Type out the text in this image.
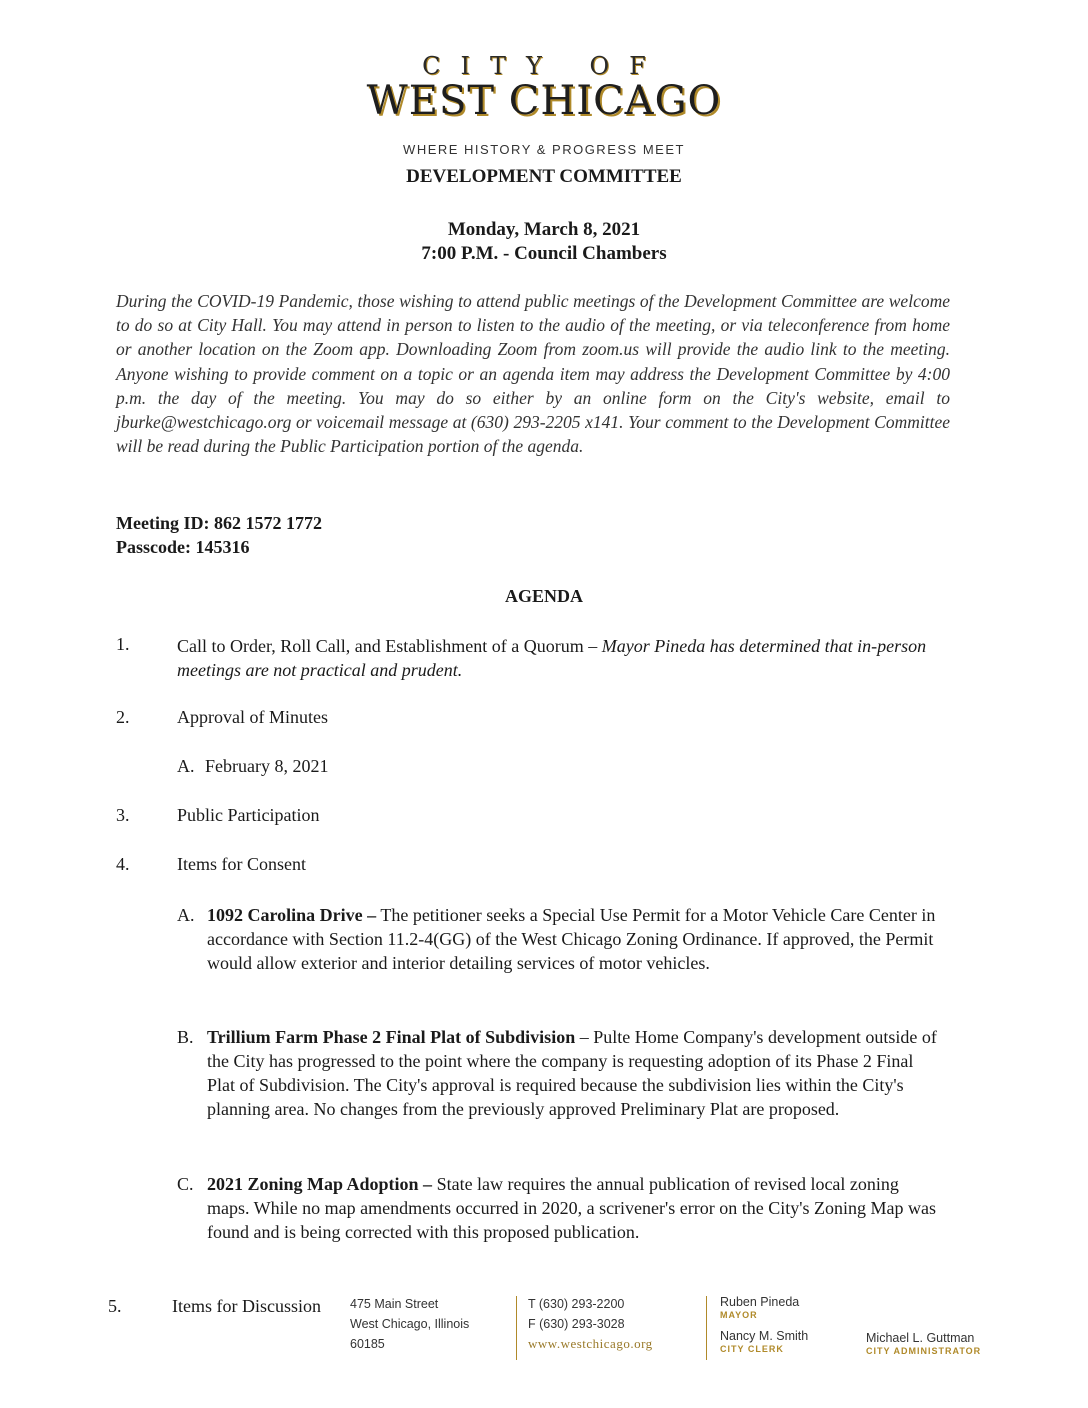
CITY OF
WEST CHICAGO
WHERE HISTORY & PROGRESS MEET
DEVELOPMENT COMMITTEE
Monday, March 8, 2021
7:00 P.M. - Council Chambers
During the COVID-19 Pandemic, those wishing to attend public meetings of the Development Committee are welcome to do so at City Hall. You may attend in person to listen to the audio of the meeting, or via teleconference from home or another location on the Zoom app. Downloading Zoom from zoom.us will provide the audio link to the meeting. Anyone wishing to provide comment on a topic or an agenda item may address the Development Committee by 4:00 p.m. the day of the meeting. You may do so either by an online form on the City's website, email to jburke@westchicago.org or voicemail message at (630) 293-2205 x141. Your comment to the Development Committee will be read during the Public Participation portion of the agenda.
Meeting ID: 862 1572 1772
Passcode: 145316
AGENDA
1.	Call to Order, Roll Call, and Establishment of a Quorum – Mayor Pineda has determined that in-person meetings are not practical and prudent.
2.	Approval of Minutes
A. February 8, 2021
3.	Public Participation
4.	Items for Consent
A. 1092 Carolina Drive – The petitioner seeks a Special Use Permit for a Motor Vehicle Care Center in accordance with Section 11.2-4(GG) of the West Chicago Zoning Ordinance. If approved, the Permit would allow exterior and interior detailing services of motor vehicles.
B. Trillium Farm Phase 2 Final Plat of Subdivision – Pulte Home Company's development outside of the City has progressed to the point where the company is requesting adoption of its Phase 2 Final Plat of Subdivision. The City's approval is required because the subdivision lies within the City's planning area. No changes from the previously approved Preliminary Plat are proposed.
C. 2021 Zoning Map Adoption – State law requires the annual publication of revised local zoning maps. While no map amendments occurred in 2020, a scrivener's error on the City's Zoning Map was found and is being corrected with this proposed publication.
5.	Items for Discussion 475 Main Street
West Chicago, Illinois
60185
T (630) 293-2200
F (630) 293-3028
www.westchicago.org
Ruben Pineda
MAYOR
Nancy M. Smith
CITY CLERK
Michael L. Guttman
CITY ADMINISTRATOR
